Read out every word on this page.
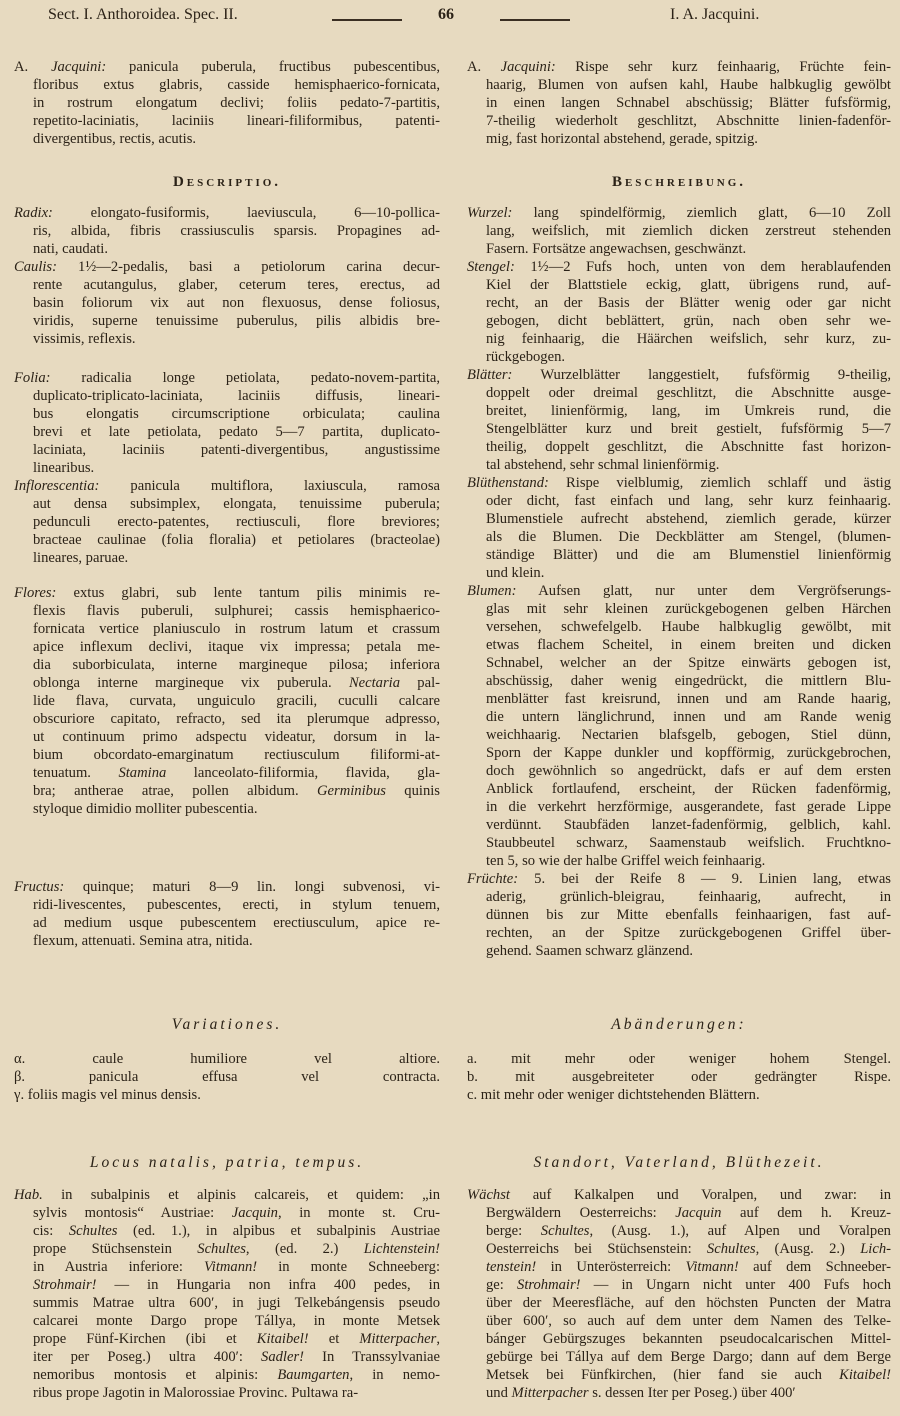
Sect. I. Anthoroidea. Spec. II.	66	I. A. Jacquini.
A. Jacquini: panicula puberula, fructibus pubescentibus,
floribus extus glabris, casside hemisphaerico-fornicata,
in rostrum elongatum declivi; foliis pedato-7-partitis,
repetito-laciniatis, laciniis lineari-filiformibus, patenti-
divergentibus, rectis, acutis.
Descriptio.
Radix: elongato-fusiformis, laeviuscula, 6—10-pollica-
ris, albida, fibris crassiusculis sparsis. Propagines ad-
nati, caudati.
Caulis: 1½—2-pedalis, basi a petiolorum carina decur-
rente acutangulus, glaber, ceterum teres, erectus, ad
basin foliorum vix aut non flexuosus, dense foliosus,
viridis, superne tenuissime puberulus, pilis albidis bre-
vissimis, reflexis.
Folia: radicalia longe petiolata, pedato-novem-partita,
duplicato-triplicato-laciniata, laciniis diffusis, lineari-
bus elongatis circumscriptione orbiculata; caulina
brevi et late petiolata, pedato 5—7 partita, duplicato-
laciniata, laciniis patenti-divergentibus, angustissime
linearibus.
Inflorescentia: panicula multiflora, laxiuscula, ramosa
aut densa subsimplex, elongata, tenuissime puberula;
pedunculi erecto-patentes, rectiusculi, flore breviores;
bracteae caulinae (folia floralia) et petiolares (bracteolae)
lineares, paruae.
Flores: extus glabri, sub lente tantum pilis minimis re-
flexis flavis puberuli, sulphurei; cassis hemisphaerico-
fornicata vertice planiusculo in rostrum latum et crassum
apice inflexum declivi, itaque vix impressa; petala me-
dia suborbiculata, interne margineque pilosa; inferiora
oblonga interne margineque vix puberula. Nectaria pal-
lide flava, curvata, unguiculo gracili, cuculli calcare
obscuriore capitato, refracto, sed ita plerumque adpresso,
ut continuum primo adspectu videatur, dorsum in la-
bium obcordato-emarginatum rectiusculum filiformi-at-
tenuatum. Stamina lanceolato-filiformia, flavida, gla-
bra; antherae atrae, pollen albidum. Germinibus quinis
styloque dimidio molliter pubescentia.
Fructus: quinque; maturi 8—9 lin. longi subvenosi, vi-
ridi-livescentes, pubescentes, erecti, in stylum tenuem,
ad medium usque pubescentem erectiusculum, apice re-
flexum, attenuati. Semina atra, nitida.
Variationes.
α. caule humiliore vel altiore.
β. panicula effusa vel contracta.
γ. foliis magis vel minus densis.
Locus natalis, patria, tempus.
Hab. in subalpinis et alpinis calcareis, et quidem: „in
sylvis montosis“ Austriae: Jacquin, in monte st. Cru-
cis: Schultes (ed. 1.), in alpibus et subalpinis Austriae
prope Stüchsenstein Schultes, (ed. 2.) Lichtenstein!
in Austria inferiore: Vitmann! in monte Schneeberg:
Strohmair! — in Hungaria non infra 400 pedes, in
summis Matrae ultra 600′, in jugi Telkebángensis pseudo
calcarei monte Dargo prope Tállya, in monte Metsek
prope Fünf-Kirchen (ibi et Kitaibel! et Mitterpacher,
iter per Poseg.) ultra 400′: Sadler! In Transsylvaniae
nemoribus montosis et alpinis: Baumgarten, in nemo-
ribus prope Jagotin in Malorossiae Provinc. Pultawa ra-
A. Jacquini: Rispe sehr kurz feinhaarig, Früchte fein-
haarig, Blumen von aufsen kahl, Haube halbkuglig gewölbt
in einen langen Schnabel abschüssig; Blätter fufsförmig,
7-theilig wiederholt geschlitzt, Abschnitte linien-fadenför-
mig, fast horizontal abstehend, gerade, spitzig.
Beschreibung.
Wurzel: lang spindelförmig, ziemlich glatt, 6—10 Zoll
lang, weifslich, mit ziemlich dicken zerstreut stehenden
Fasern. Fortsätze angewachsen, geschwänzt.
Stengel: 1½—2 Fufs hoch, unten von dem herablaufenden
Kiel der Blattstiele eckig, glatt, übrigens rund, auf-
recht, an der Basis der Blätter wenig oder gar nicht
gebogen, dicht beblättert, grün, nach oben sehr we-
nig feinhaarig, die Häärchen weifslich, sehr kurz, zu-
rückgebogen.
Blätter: Wurzelblätter langgestielt, fufsförmig 9-theilig,
doppelt oder dreimal geschlitzt, die Abschnitte ausge-
breitet, linienförmig, lang, im Umkreis rund, die
Stengelblätter kurz und breit gestielt, fufsförmig 5—7
theilig, doppelt geschlitzt, die Abschnitte fast horizon-
tal abstehend, sehr schmal linienförmig.
Blüthenstand: Rispe vielblumig, ziemlich schlaff und ästig
oder dicht, fast einfach und lang, sehr kurz feinhaarig.
Blumenstiele aufrecht abstehend, ziemlich gerade, kürzer
als die Blumen. Die Deckblätter am Stengel, (blumen-
ständige Blätter) und die am Blumenstiel linienförmig
und klein.
Blumen: Aufsen glatt, nur unter dem Vergröfserungs-
glas mit sehr kleinen zurückgebogenen gelben Härchen
versehen, schwefelgelb. Haube halbkuglig gewölbt, mit
etwas flachem Scheitel, in einem breiten und dicken
Schnabel, welcher an der Spitze einwärts gebogen ist,
abschüssig, daher wenig eingedrückt, die mittlern Blu-
menblätter fast kreisrund, innen und am Rande haarig,
die untern länglichrund, innen und am Rande wenig
weichhaarig. Nectarien blafsgelb, gebogen, Stiel dünn,
Sporn der Kappe dunkler und kopfförmig, zurückgebrochen,
doch gewöhnlich so angedrückt, dafs er auf dem ersten
Anblick fortlaufend, erscheint, der Rücken fadenförmig,
in die verkehrt herzförmige, ausgerandete, fast gerade Lippe
verdünnt. Staubfäden lanzet-fadenförmig, gelblich, kahl.
Staubbeutel schwarz, Saamenstaub weifslich. Fruchtkno-
ten 5, so wie der halbe Griffel weich feinhaarig.
Früchte: 5. bei der Reife 8 — 9. Linien lang, etwas
aderig, grünlich-bleigrau, feinhaarig, aufrecht, in
dünnen bis zur Mitte ebenfalls feinhaarigen, fast auf-
rechten, an der Spitze zurückgebogenen Griffel über-
gehend. Saamen schwarz glänzend.
Abänderungen:
a. mit mehr oder weniger hohem Stengel.
b. mit ausgebreiteter oder gedrängter Rispe.
c. mit mehr oder weniger dichtstehenden Blättern.
Standort, Vaterland, Blüthezeit.
Wächst auf Kalkalpen und Voralpen, und zwar: in
Bergwäldern Oesterreichs: Jacquin auf dem h. Kreuz-
berge: Schultes, (Ausg. 1.), auf Alpen und Voralpen
Oesterreichs bei Stüchsenstein: Schultes, (Ausg. 2.) Lich-
tenstein! in Unterösterreich: Vitmann! auf dem Schneeber-
ge: Strohmair! — in Ungarn nicht unter 400 Fufs hoch
über der Meeresfläche, auf den höchsten Puncten der Matra
über 600′, so auch auf dem unter dem Namen des Telke-
bánger Gebürgszuges bekannten pseudocalcarischen Mittel-
gebürge bei Tállya auf dem Berge Dargo; dann auf dem Berge
Metsek bei Fünfkirchen, (hier fand sie auch Kitaibel!
und Mitterpacher s. dessen Iter per Poseg.) über 400′
